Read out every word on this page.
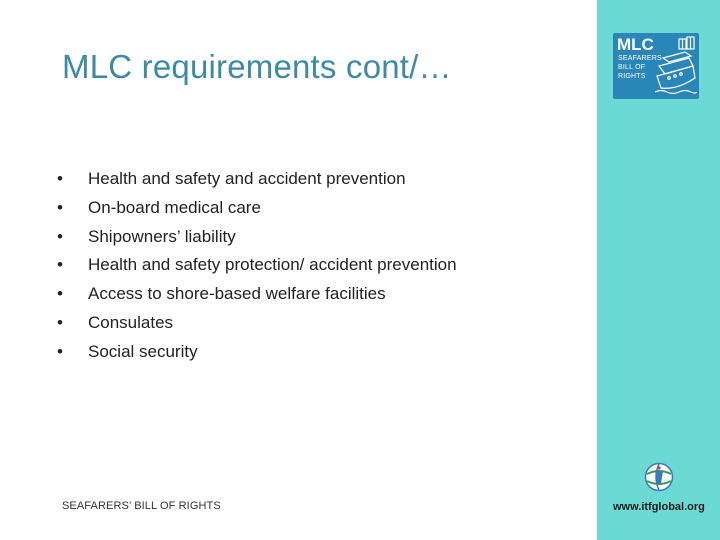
MLC requirements cont/…
• Health and safety and accident prevention
• On-board medical care
• Shipowners’ liability
• Health and safety protection/ accident prevention
• Access to shore-based welfare facilities
• Consulates
• Social security
SEAFARERS’ BILL OF RIGHTS
MLC
SEAFARERS
BILL OF
RIGHTS
www.itfglobal.org
